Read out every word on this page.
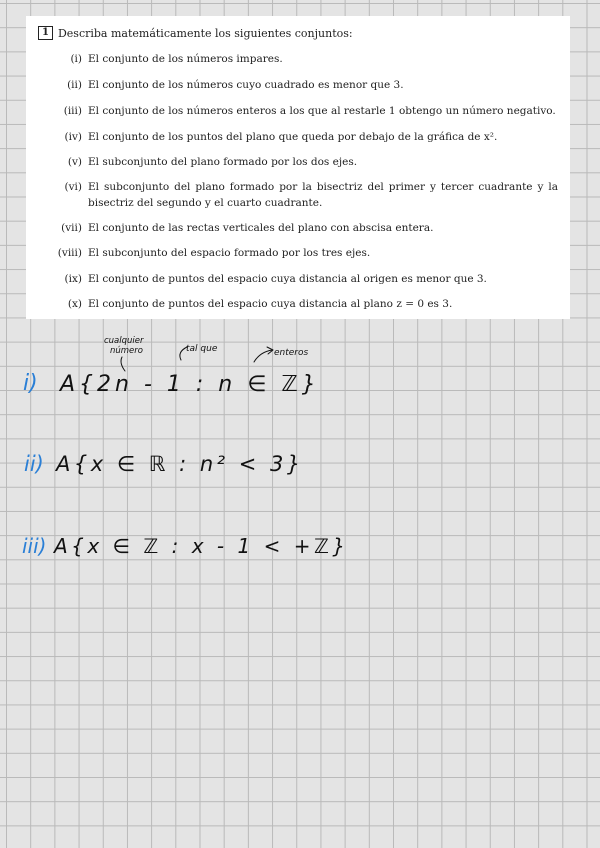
1 Describa matemáticamente los siguientes conjuntos:
(i) El conjunto de los números impares.
(ii) El conjunto de los números cuyo cuadrado es menor que 3.
(iii) El conjunto de los números enteros a los que al restarle 1 obtengo un número negativo.
(iv) El conjunto de los puntos del plano que queda por debajo de la gráfica de x².
(v) El subconjunto del plano formado por los dos ejes.
(vi) El subconjunto del plano formado por la bisectriz del primer y tercer cuadrante y la bisectriz del segundo y el cuarto cuadrante.
(vii) El conjunto de las rectas verticales del plano con abscisa entera.
(viii) El subconjunto del espacio formado por los tres ejes.
(ix) El conjunto de puntos del espacio cuya distancia al origen es menor que 3.
(x) El conjunto de puntos del espacio cuya distancia al plano z = 0 es 3.
cualquier
número	tal que	enteros
i) A{2n - 1 : n ∈ ℤ}
ii) A{x ∈ ℝ : n² < 3}
iii) A{x ∈ ℤ : x - 1 < +ℤ}
